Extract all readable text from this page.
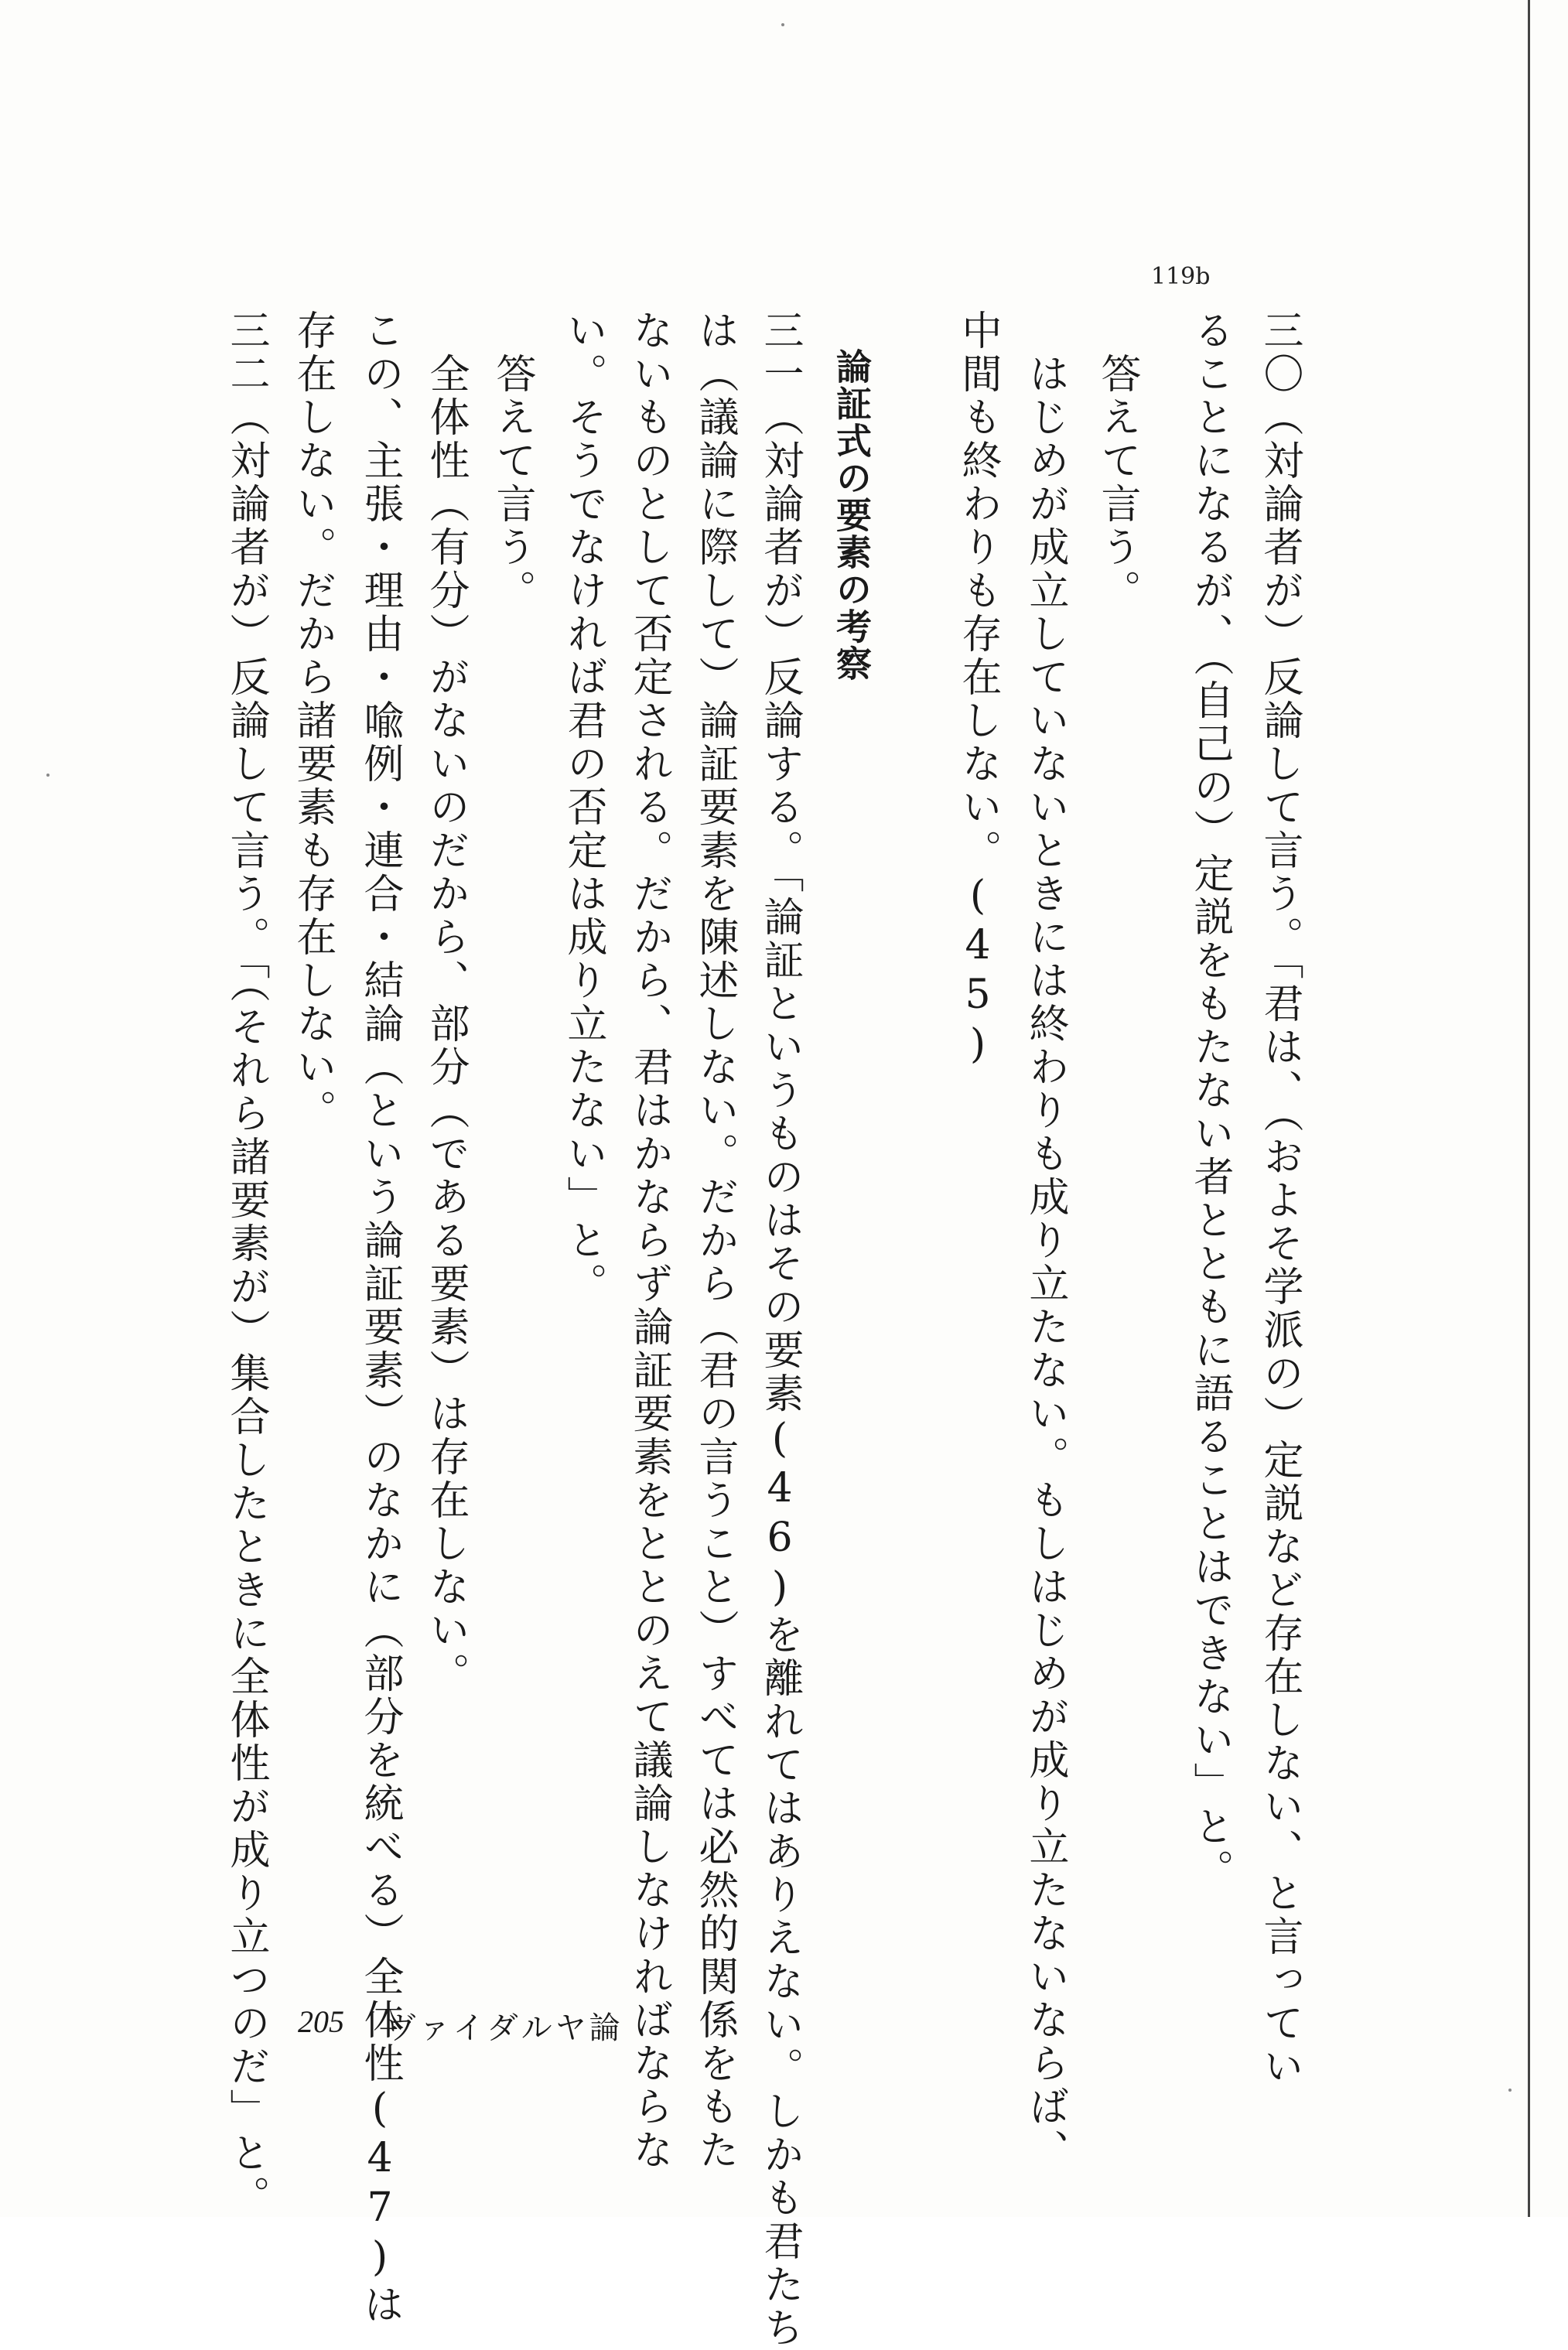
119b
三〇（対論者が）反論して言う。「君は、（およそ学派の）定説など存在しない、と言ってい
ることになるが、（自己の）定説をもたない者とともに語ることはできない」と。
　答えて言う。
　はじめが成立していないときには終わりも成り立たない。もしはじめが成り立たないならば、
中間も終わりも存在しない。(45)
論証式の要素の考察
三一（対論者が）反論する。「論証というものはその要素(46)を離れてはありえない。しかも君たち
は（議論に際して）論証要素を陳述しない。だから（君の言うこと）すべては必然的関係をもた
ないものとして否定される。だから、君はかならず論証要素をととのえて議論しなければならな
い。そうでなければ君の否定は成り立たない」と。
　答えて言う。
　全体性（有分）がないのだから、部分（である要素）は存在しない。
この、主張・理由・喩例・連合・結論（という論証要素）のなかに（部分を統べる）全体性(47)は
存在しない。だから諸要素も存在しない。
三二（対論者が）反論して言う。「（それら諸要素が）集合したときに全体性が成り立つのだ」と。 205 ヴァイダルヤ論
